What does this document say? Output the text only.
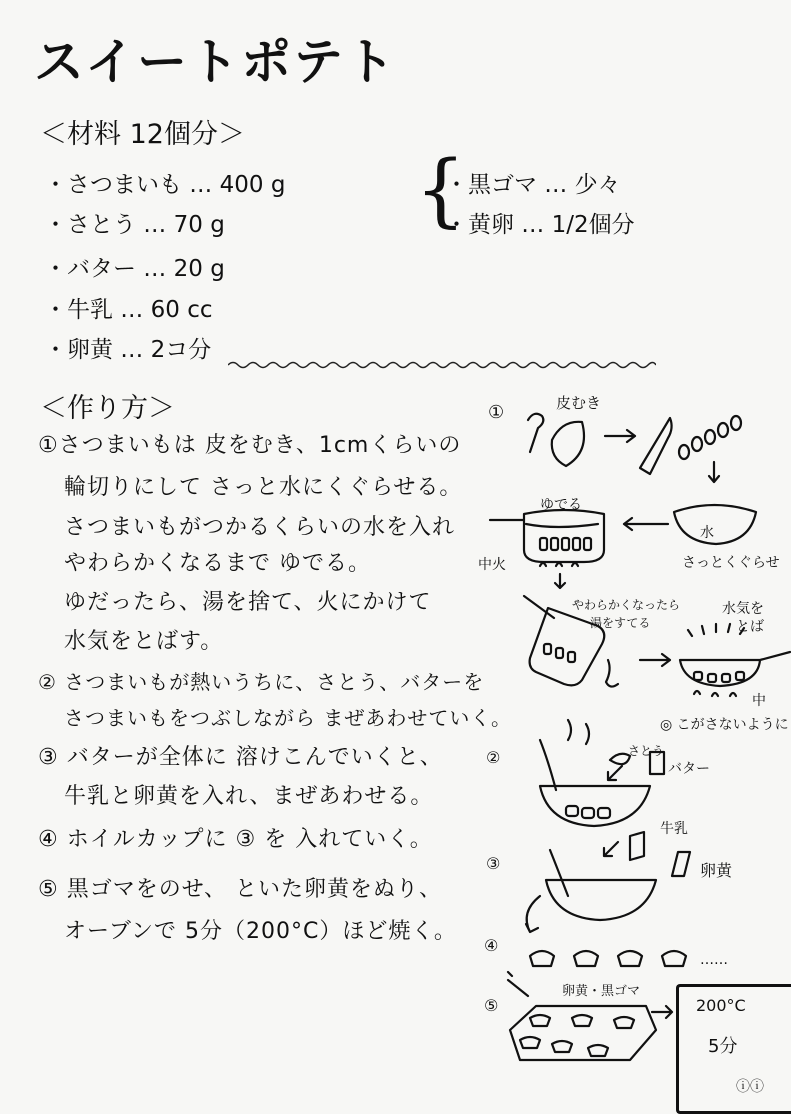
スイートポテト
＜材料 12個分＞
・さつまいも … 400 g
・さとう … 70 g
・バター … 20 g
・牛乳 … 60 cc
・卵黄 … 2コ分
{
・黒ゴマ … 少々
・黄卵 … 1/2個分
＜作り方＞
①さつまいもは 皮をむき、1cmくらいの
輪切りにして さっと水にくぐらせる。
さつまいもがつかるくらいの水を入れ
やわらかくなるまで ゆでる。
ゆだったら、湯を捨て、火にかけて
水気をとばす。
② さつまいもが熱いうちに、さとう、バターを
さつまいもをつぶしながら まぜあわせていく。
③ バターが全体に 溶けこんでいくと、
牛乳と卵黄を入れ、まぜあわせる。
④ ホイルカップに ③ を 入れていく。
⑤ 黒ゴマをのせ、 といた卵黄をぬり、
オーブンで 5分（200°C）ほど焼く。
①	皮むき
ゆでる
中火
水
さっとくぐらせ
やわらかくなったら
湯をすてる
水気を
とば
中
◎ こがさないように
②	さとう
バター
③
牛乳
卵黄
④
……
⑤
卵黄・黒ゴマ
200°C
5分
ⓘⓘ
